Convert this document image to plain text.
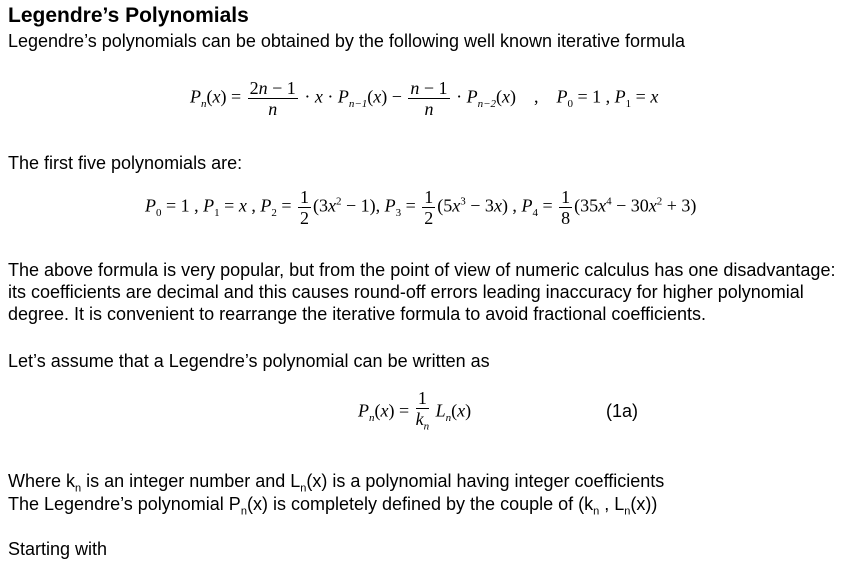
Legendre’s Polynomials
Legendre’s polynomials can be obtained by the following well known iterative formula
$P_n(x) = \frac{2n - 1}{n} \cdot x \cdot P_{n-1}(x) - \frac{n - 1}{n} \cdot P_{n-2}(x)$    ,    $P_0 = 1$ , $P_1 = x$
The first five polynomials are:
$P_0 = 1$ , $P_1 = x$ , $P_2 = \frac{1}{2} (3x^2 - 1)$, $P_3 = \frac{1}{2} (5x^3 - 3x)$ , $P_4 = \frac{1}{8} (35x^4 - 30x^2 + 3)$
The above formula is very popular, but from the point of view of numeric calculus has one disadvantage: its coefficients are decimal and this causes round-off errors leading inaccuracy for higher polynomial degree. It is convenient to rearrange the iterative formula to avoid fractional coefficients.
Let’s assume that a Legendre’s polynomial can be written as
$P_n(x) = \frac{1}{k_n} L_n(x)$	(1a)
Where $k_n$ is an integer number and $L_n(x)$ is a polynomial having integer coefficients
The Legendre’s polynomial $P_n(x)$ is completely defined by the couple of ($k_n$ , $L_n(x)$)
Starting with
